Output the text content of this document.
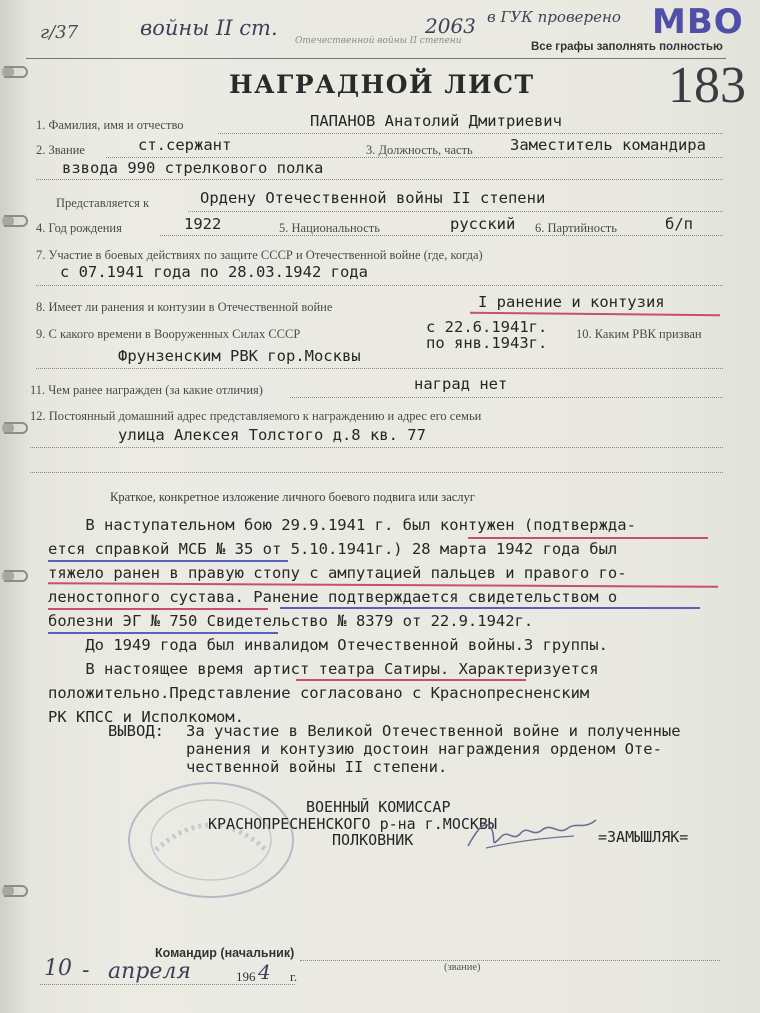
г/37	войны II ст.
Отечественной войны II степени
2063 в ГУК проверено МВО
Все графы заполнять полностью
183
НАГРАДНОЙ ЛИСТ
1. Фамилия, имя и отчество	ПАПАНОВ Анатолий Дмитриевич
2. Звание	ст.сержант	3. Должность, часть Заместитель командира
взвода 990 стрелкового полка
Представляется к	Ордену Отечественной войны II степени
4. Год рождения	1922	5. Национальность	русский 6. Партийность	б/п
7. Участие в боевых действиях по защите СССР и Отечественной войне (где, когда)
с 07.1941 года по 28.03.1942 года
8. Имеет ли ранения и контузии в Отечественной войне	I ранение и контузия
9. С какого времени в Вооруженных Силах СССР	с 22.6.1941г.
по янв.1943г. 10. Каким РВК призван
Фрунзенским РВК гор.Москвы
11. Чем ранее награжден (за какие отличия)	наград нет
12. Постоянный домашний адрес представляемого к награждению и адрес его семьи
улица Алексея Толстого д.8 кв. 77
Краткое, конкретное изложение личного боевого подвига или заслуг
В наступательном бою 29.9.1941 г. был контужен (подтвержда-
ется справкой МСБ № 35 от 5.10.1941г.) 28 марта 1942 года был
тяжело ранен в правую стопу с ампутацией пальцев и правого го-
леностопного сустава. Ранение подтверждается свидетельством о
болезни ЭГ № 750 Свидетельство № 8379 от 22.9.1942г.
До 1949 года был инвалидом Отечественной войны.3 группы.
В настоящее время артист театра Сатиры. Характеризуется
положительно.Представление согласовано с Краснопресненским
РК КПСС и Исполкомом.
ВЫВОД: За участие в Великой Отечественной войне и полученные
ранения и контузию достоин награждения орденом Оте-
чественной войны II степени.
ВОЕННЫЙ КОМИССАР
КРАСНОПРЕСНЕНСКОГО р-на г.МОСКВЫ
ПОЛКОВНИК	=ЗАМЫШЛЯК=
Командир (начальник)
(звание)
10 - апреля	196 4 г.
